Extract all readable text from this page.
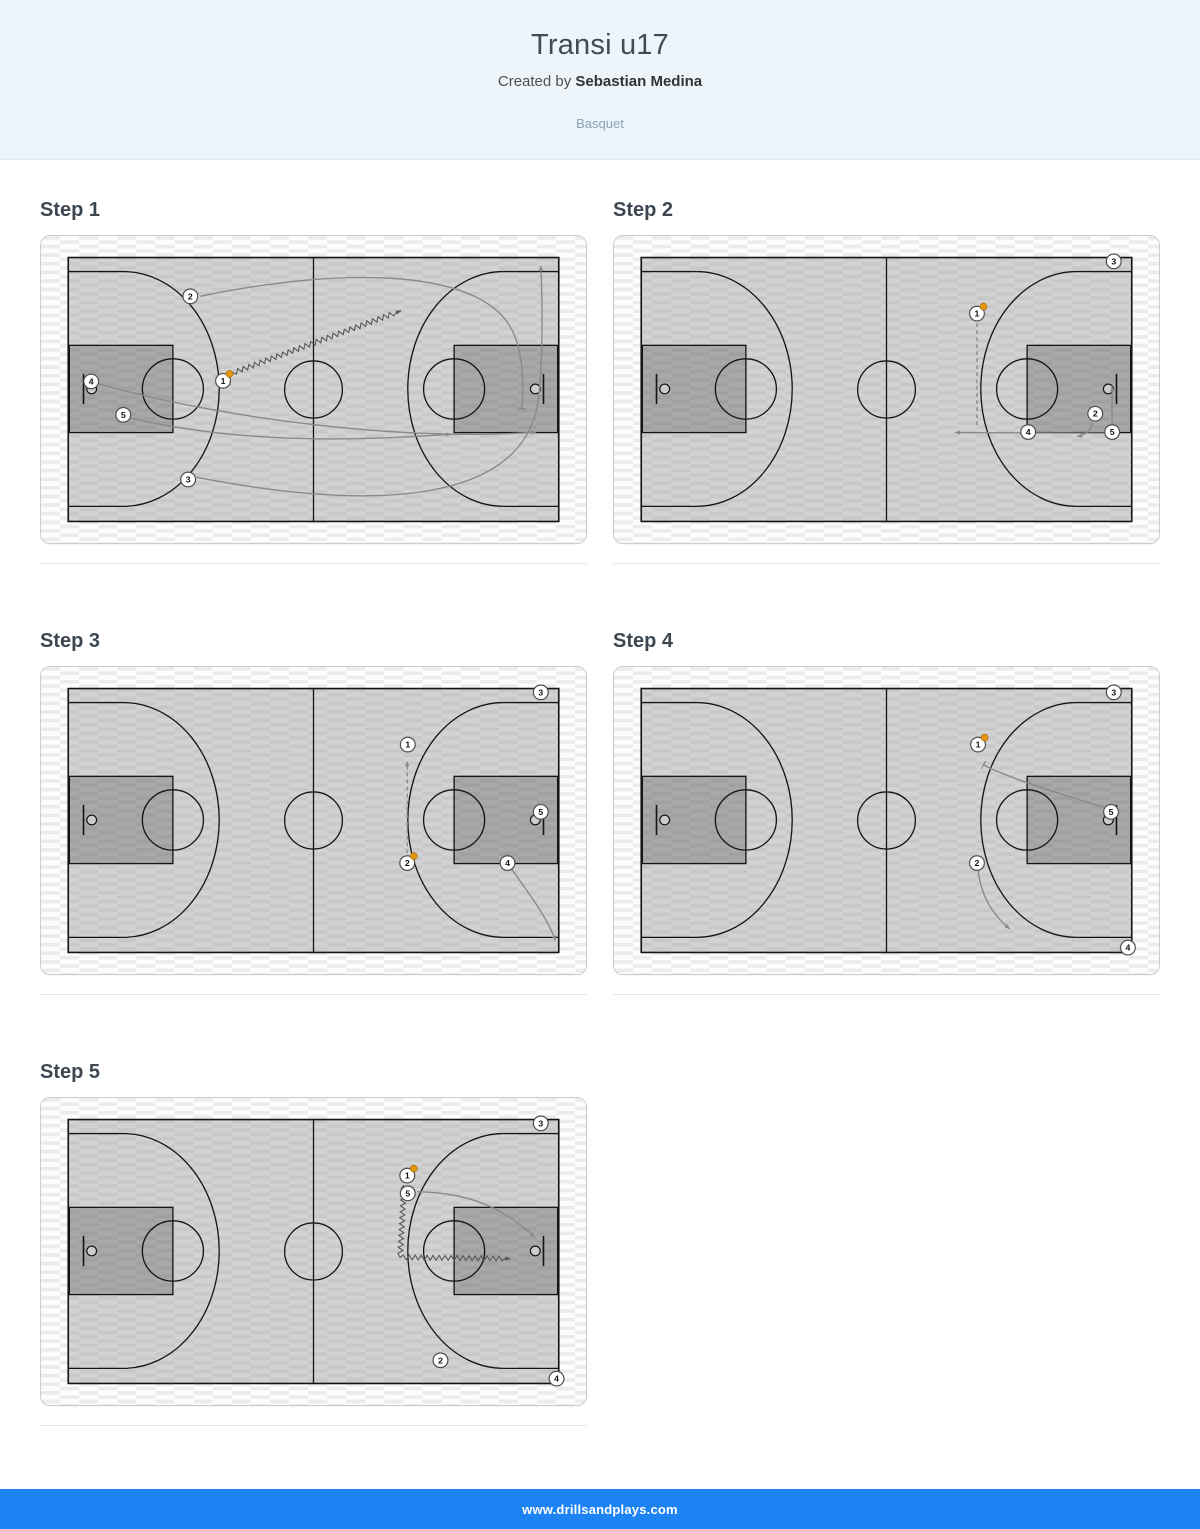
Transi u17

Created by Sebastian Medina

Basquet

Step 1
2
1
4
5
3
Step 2
3
1
4
2
5
Step 3
3
1
2
5
4
Step 4
3
1
5
2
4
Step 5
3
1
5
2
4
www.drillsandplays.com
